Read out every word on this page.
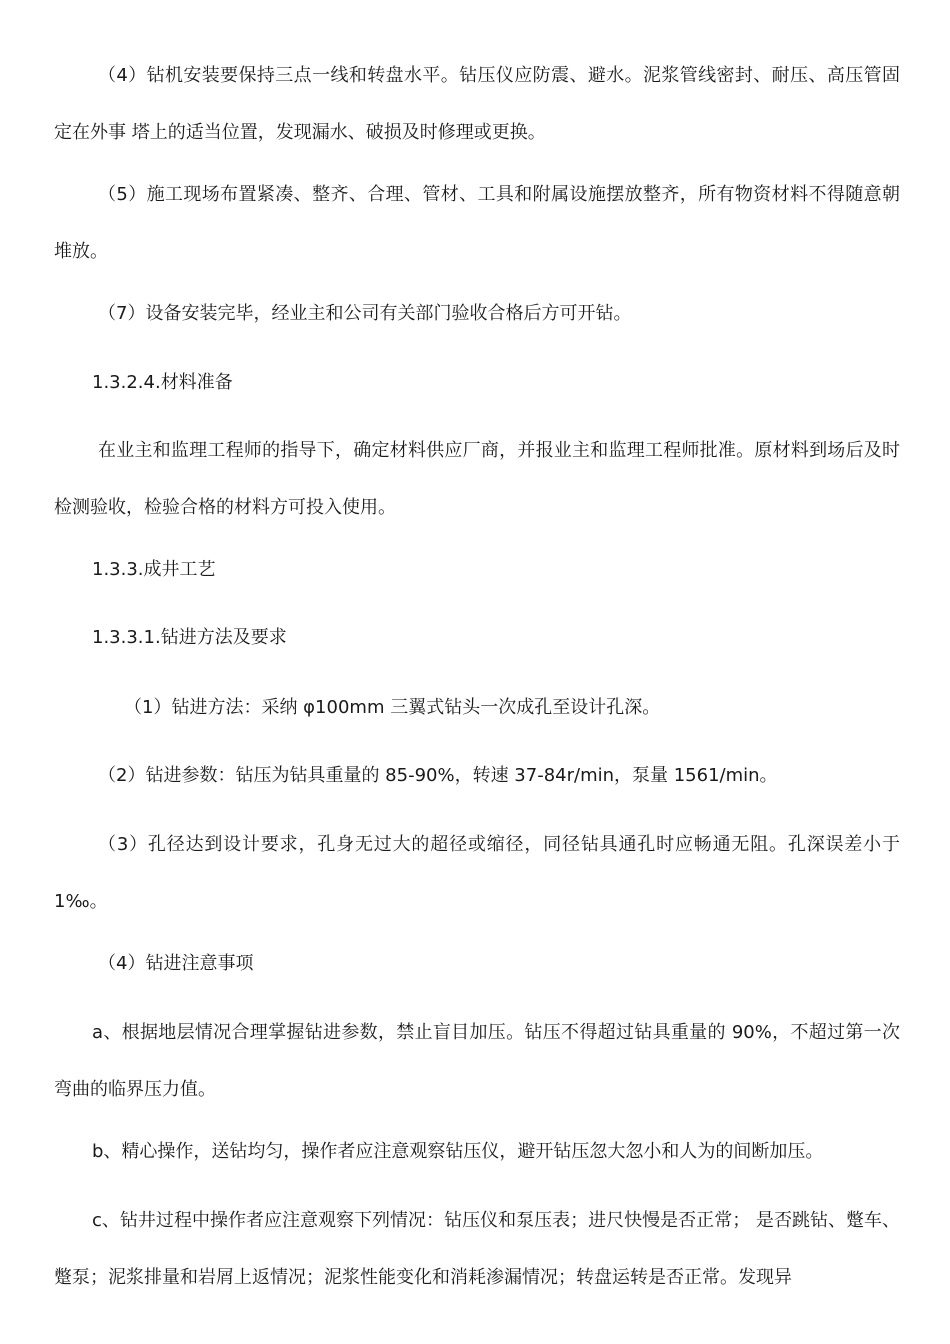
（4）钻机安装要保持三点一线和转盘水平。钻压仪应防震、避水。泥浆管线密封、耐压、高压管固定在外事 塔上的适当位置，发现漏水、破损及时修理或更换。

（5）施工现场布置紧凑、整齐、合理、管材、工具和附属设施摆放整齐，所有物资材料不得随意朝堆放。

（7）设备安装完毕，经业主和公司有关部门验收合格后方可开钻。

1.3.2.4.材料准备

在业主和监理工程师的指导下，确定材料供应厂商，并报业主和监理工程师批准。原材料到场后及时检测验收，检验合格的材料方可投入使用。

1.3.3.成井工艺

1.3.3.1.钻进方法及要求

（1）钻进方法：采纳 φ100mm 三翼式钻头一次成孔至设计孔深。

（2）钻进参数：钻压为钻具重量的 85-90%，转速 37-84r/min，泵量 1561/min。

（3）孔径达到设计要求，孔身无过大的超径或缩径，同径钻具通孔时应畅通无阻。孔深误差小于 1‰。

（4）钻进注意事项

a、根据地层情况合理掌握钻进参数，禁止盲目加压。钻压不得超过钻具重量的 90%，不超过第一次弯曲的临界压力值。

b、精心操作，送钻均匀，操作者应注意观察钻压仪，避开钻压忽大忽小和人为的间断加压。

c、钻井过程中操作者应注意观察下列情况：钻压仪和泵压表；进尺快慢是否正常； 是否跳钻、蹩车、蹩泵；泥浆排量和岩屑上返情况；泥浆性能变化和消耗渗漏情况；转盘运转是否正常。发现异
